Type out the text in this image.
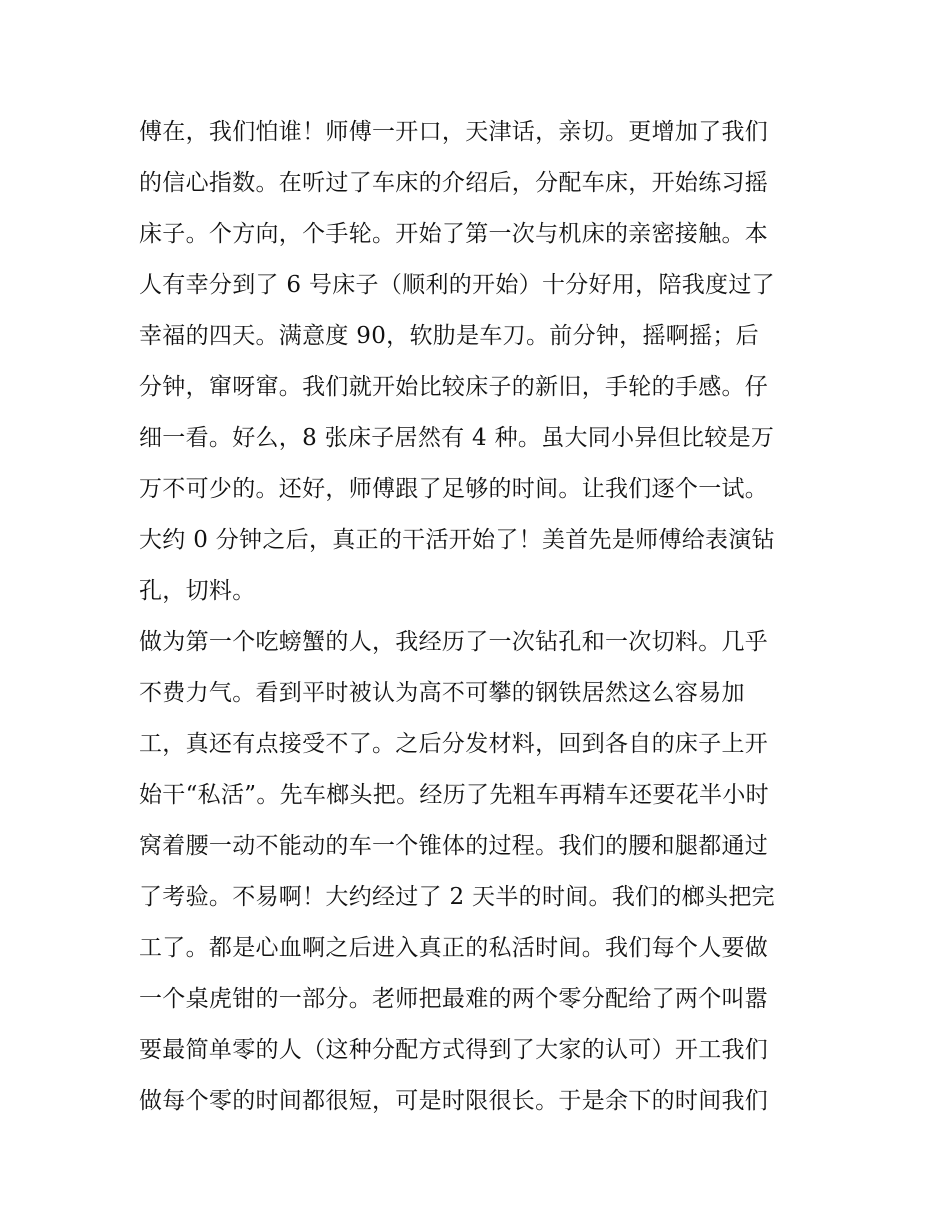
傅在，我们怕谁！师傅一开口，天津话，亲切。更增加了我们
的信心指数。在听过了车床的介绍后，分配车床，开始练习摇
床子。个方向，个手轮。开始了第一次与机床的亲密接触。本
人有幸分到了 6 号床子（顺利的开始）十分好用，陪我度过了
幸福的四天。满意度 90，软肋是车刀。前分钟，摇啊摇；后
分钟，窜呀窜。我们就开始比较床子的新旧，手轮的手感。仔
细一看。好么，8 张床子居然有 4 种。虽大同小异但比较是万
万不可少的。还好，师傅跟了足够的时间。让我们逐个一试。
大约 0 分钟之后，真正的干活开始了！美首先是师傅给表演钻
孔，切料。
做为第一个吃螃蟹的人，我经历了一次钻孔和一次切料。几乎
不费力气。看到平时被认为高不可攀的钢铁居然这么容易加
工，真还有点接受不了。之后分发材料，回到各自的床子上开
始干“私活”。先车榔头把。经历了先粗车再精车还要花半小时
窝着腰一动不能动的车一个锥体的过程。我们的腰和腿都通过
了考验。不易啊！大约经过了 2 天半的时间。我们的榔头把完
工了。都是心血啊之后进入真正的私活时间。我们每个人要做
一个桌虎钳的一部分。老师把最难的两个零分配给了两个叫嚣
要最简单零的人（这种分配方式得到了大家的认可）开工我们
做每个零的时间都很短，可是时限很长。于是余下的时间我们
